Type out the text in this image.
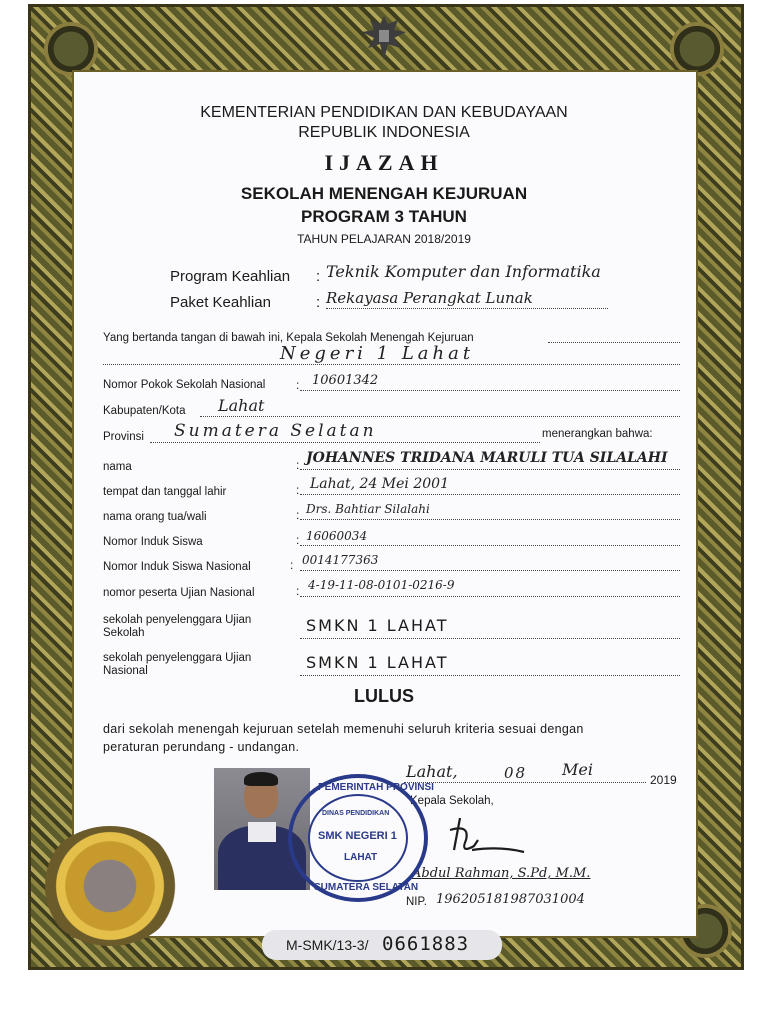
KEMENTERIAN PENDIDIKAN DAN KEBUDAYAAN
REPUBLIK INDONESIA
IJAZAH
SEKOLAH MENENGAH KEJURUAN
PROGRAM 3 TAHUN
TAHUN PELAJARAN 2018/2019
Program Keahlian : Teknik Komputer dan Informatika
Paket Keahlian	: Rekayasa Perangkat Lunak
Yang bertanda tangan di bawah ini, Kepala Sekolah Menengah Kejuruan
Negeri 1 Lahat
Nomor Pokok Sekolah Nasional	: 10601342
Kabupaten/Kota Lahat
Provinsi Sumatera Selatan	menerangkan bahwa:
nama	: JOHANNES TRIDANA MARULI TUA SILALAHI
tempat dan tanggal lahir	: Lahat, 24 Mei 2001
nama orang tua/wali	: Drs. Bahtiar Silalahi
Nomor Induk Siswa	: 16060034
Nomor Induk Siswa Nasional	: 0014177363
nomor peserta Ujian Nasional	: 4-19-11-08-0101-0216-9
sekolah penyelenggara Ujian
Sekolah	SMKN 1 LAHAT
sekolah penyelenggara Ujian
Nasional	SMKN 1 LAHAT
LULUS
dari sekolah menengah kejuruan setelah memenuhi seluruh kriteria sesuai dengan
peraturan perundang - undangan.
Lahat,	08 Mei
2019
Kepala Sekolah,
Abdul Rahman, S.Pd, M.M.
NIP. 196205181987031004
PEMERINTAH PROVINSI
DINAS PENDIDIKAN
SMK NEGERI 1
LAHAT
SUMATERA SELATAN
M-SMK/13-3/ 0661883
